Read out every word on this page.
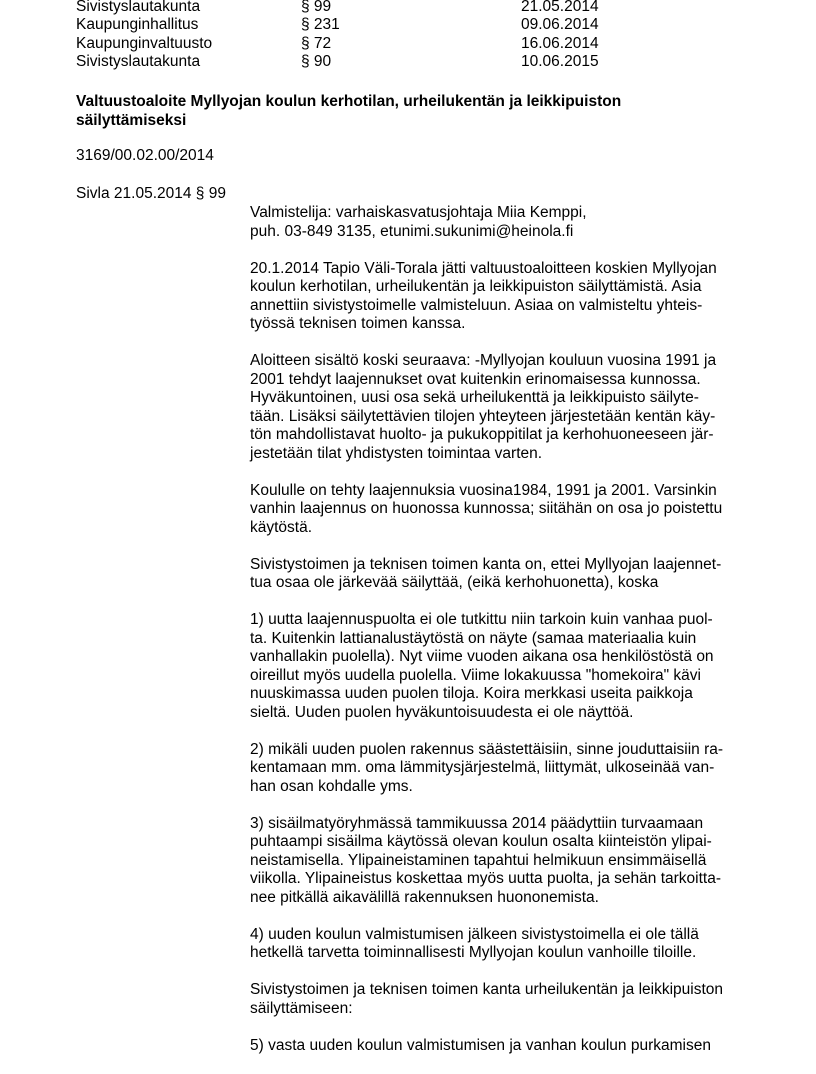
Sivistyslautakunta	§ 99	21.05.2014
Kaupunginhallitus	§ 231	09.06.2014
Kaupunginvaltuusto	§ 72	16.06.2014
Sivistyslautakunta	§ 90	10.06.2015
Valtuustoaloite Myllyojan koulun kerhotilan, urheilukentän ja leikkipuiston
säilyttämiseksi
3169/00.02.00/2014
Sivla 21.05.2014 § 99

Valmistelija: varhaiskasvatusjohtaja Miia Kemppi,
puh. 03-849 3135, etunimi.sukunimi@heinola.fi

20.1.2014 Tapio Väli-Torala jätti valtuustoaloitteen koskien Myllyojan
koulun kerhotilan, urheilukentän ja leikkipuiston säilyttämistä. Asia
annettiin sivistystoimelle valmisteluun. Asiaa on valmisteltu yhteis-
työssä teknisen toimen kanssa.

Aloitteen sisältö koski seuraava: -Myllyojan kouluun vuosina 1991 ja
2001 tehdyt laajennukset ovat kuitenkin erinomaisessa kunnossa.
Hyväkuntoinen, uusi osa sekä urheilukenttä ja leikkipuisto säilyte-
tään. Lisäksi säilytettävien tilojen yhteyteen järjestetään kentän käy-
tön mahdollistavat huolto- ja pukukoppitilat ja kerhohuoneeseen jär-
jestetään tilat yhdistysten toimintaa varten.

Koululle on tehty laajennuksia vuosina1984, 1991 ja 2001. Varsinkin
vanhin laajennus on huonossa kunnossa; siitähän on osa jo poistettu
käytöstä.

Sivistystoimen ja teknisen toimen kanta on, ettei Myllyojan laajennet-
tua osaa ole järkevää säilyttää, (eikä kerhohuonetta), koska

1) uutta laajennuspuolta ei ole tutkittu niin tarkoin kuin vanhaa puol-
ta. Kuitenkin lattianalustäytöstä on näyte (samaa materiaalia kuin
vanhallakin puolella). Nyt viime vuoden aikana osa henkilöstöstä on
oireillut myös uudella puolella. Viime lokakuussa "homekoira" kävi
nuuskimassa uuden puolen tiloja. Koira merkkasi useita paikkoja
sieltä. Uuden puolen hyväkuntoisuudesta ei ole näyttöä.

2) mikäli uuden puolen rakennus säästettäisiin, sinne jouduttaisiin ra-
kentamaan mm. oma lämmitysjärjestelmä, liittymät, ulkoseinää van-
han osan kohdalle yms.

3) sisäilmatyöryhmässä tammikuussa 2014 päädyttiin turvaamaan
puhtaampi sisäilma käytössä olevan koulun osalta kiinteistön ylipai-
neistamisella. Ylipaineistaminen tapahtui helmikuun ensimmäisellä
viikolla. Ylipaineistus koskettaa myös uutta puolta, ja sehän tarkoitta-
nee pitkällä aikavälillä rakennuksen huononemista.

4) uuden koulun valmistumisen jälkeen sivistystoimella ei ole tällä
hetkellä tarvetta toiminnallisesti Myllyojan koulun vanhoille tiloille.

Sivistystoimen ja teknisen toimen kanta urheilukentän ja leikkipuiston
säilyttämiseen:

5) vasta uuden koulun valmistumisen ja vanhan koulun purkamisen
